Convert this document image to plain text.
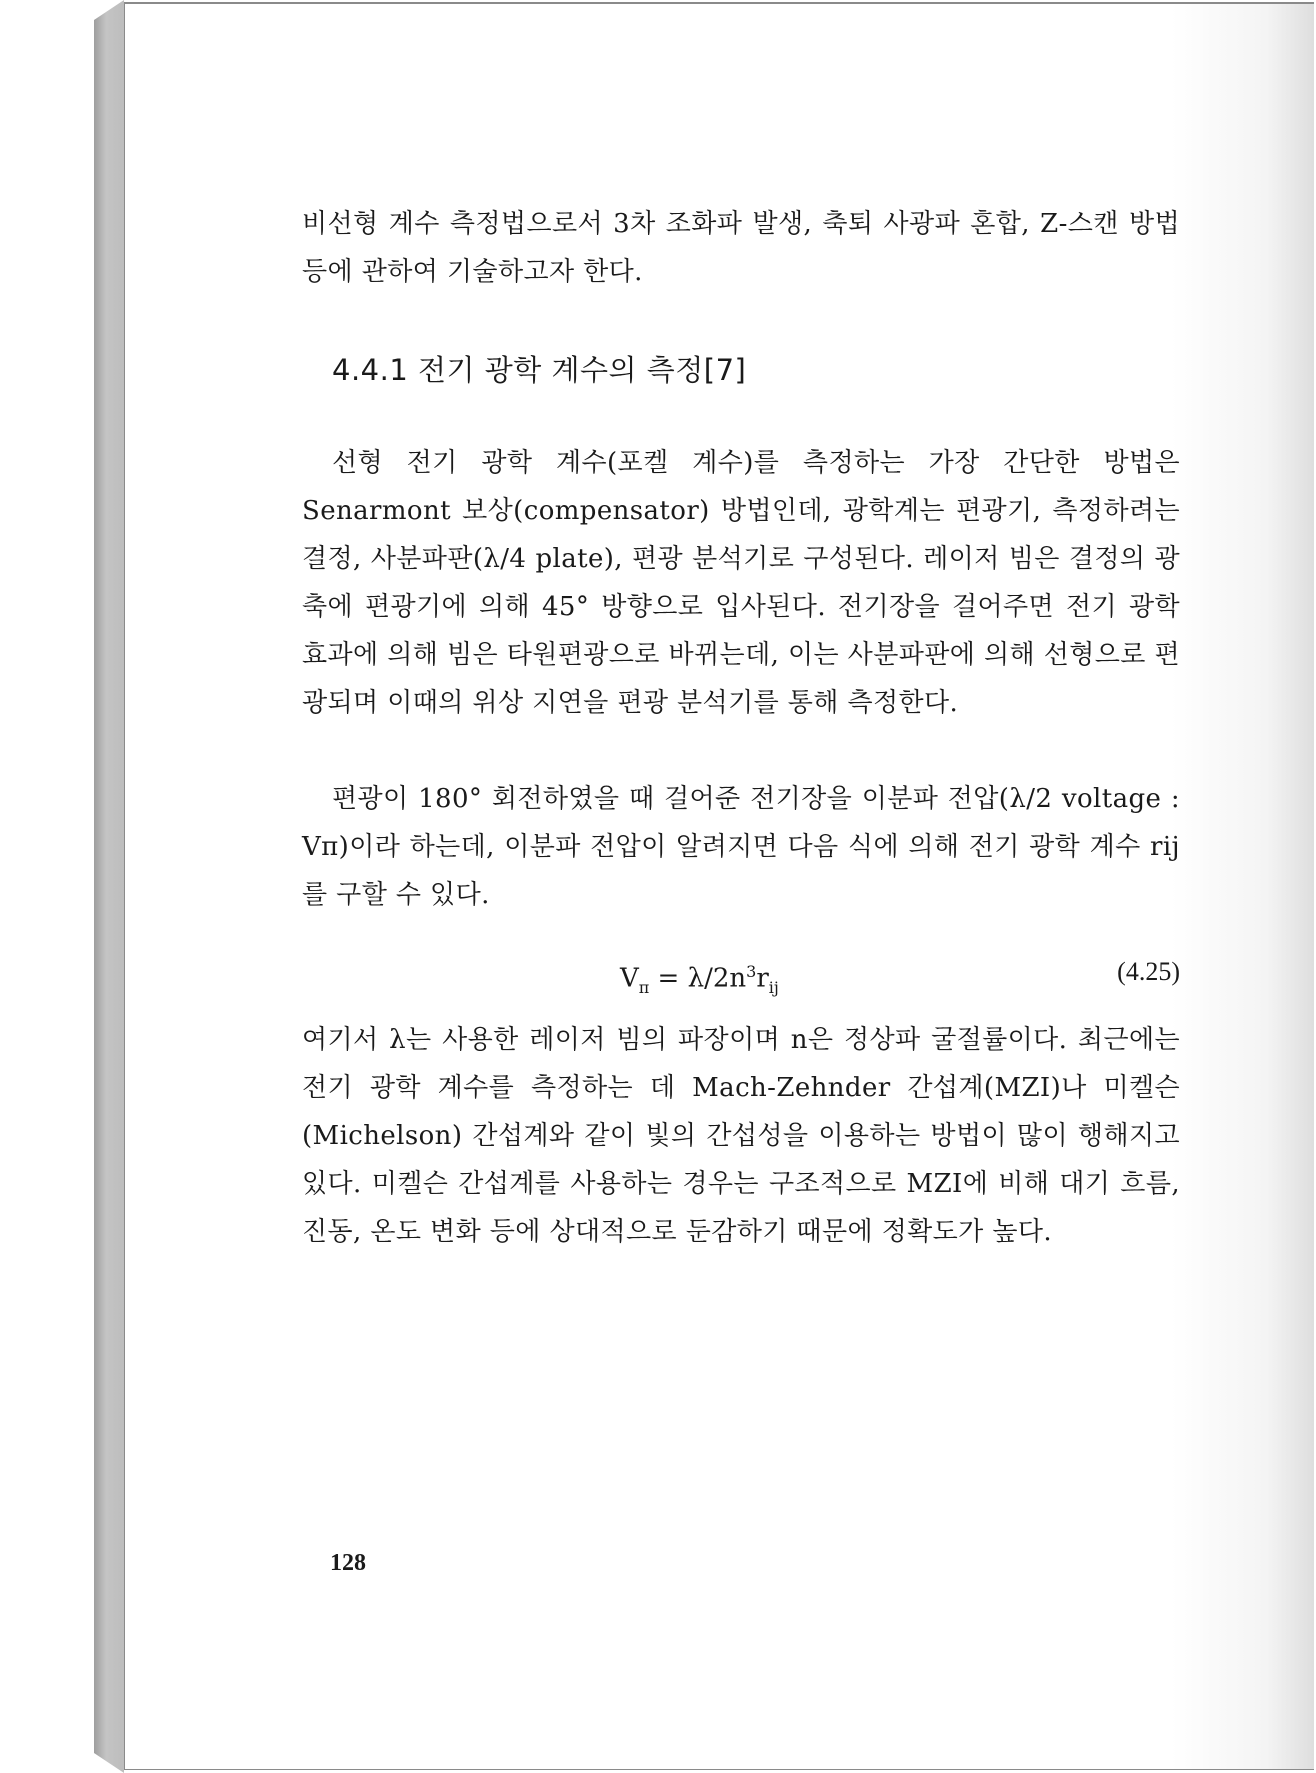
비선형 계수 측정법으로서 3차 조화파 발생, 축퇴 사광파 혼합, Z-스캔 방법 등에 관하여 기술하고자 한다.
4.4.1 전기 광학 계수의 측정[7]
선형 전기 광학 계수(포켈 계수)를 측정하는 가장 간단한 방법은 Senarmont 보상(compensator) 방법인데, 광학계는 편광기, 측정하려는 결정, 사분파판(λ/4 plate), 편광 분석기로 구성된다. 레이저 빔은 결정의 광축에 편광기에 의해 45° 방향으로 입사된다. 전기장을 걸어주면 전기 광학 효과에 의해 빔은 타원편광으로 바뀌는데, 이는 사분파판에 의해 선형으로 편광되며 이때의 위상 지연을 편광 분석기를 통해 측정한다.
편광이 180° 회전하였을 때 걸어준 전기장을 이분파 전압(λ/2 voltage : Vπ)이라 하는데, 이분파 전압이 알려지면 다음 식에 의해 전기 광학 계수 rij를 구할 수 있다.
$V_\pi = \lambda/2n^3r_{ij}$
(4.25)
여기서 λ는 사용한 레이저 빔의 파장이며 n은 정상파 굴절률이다. 최근에는 전기 광학 계수를 측정하는 데 Mach-Zehnder 간섭계(MZI)나 미켈슨(Michelson) 간섭계와 같이 빛의 간섭성을 이용하는 방법이 많이 행해지고 있다. 미켈슨 간섭계를 사용하는 경우는 구조적으로 MZI에 비해 대기 흐름, 진동, 온도 변화 등에 상대적으로 둔감하기 때문에 정확도가 높다.
128
